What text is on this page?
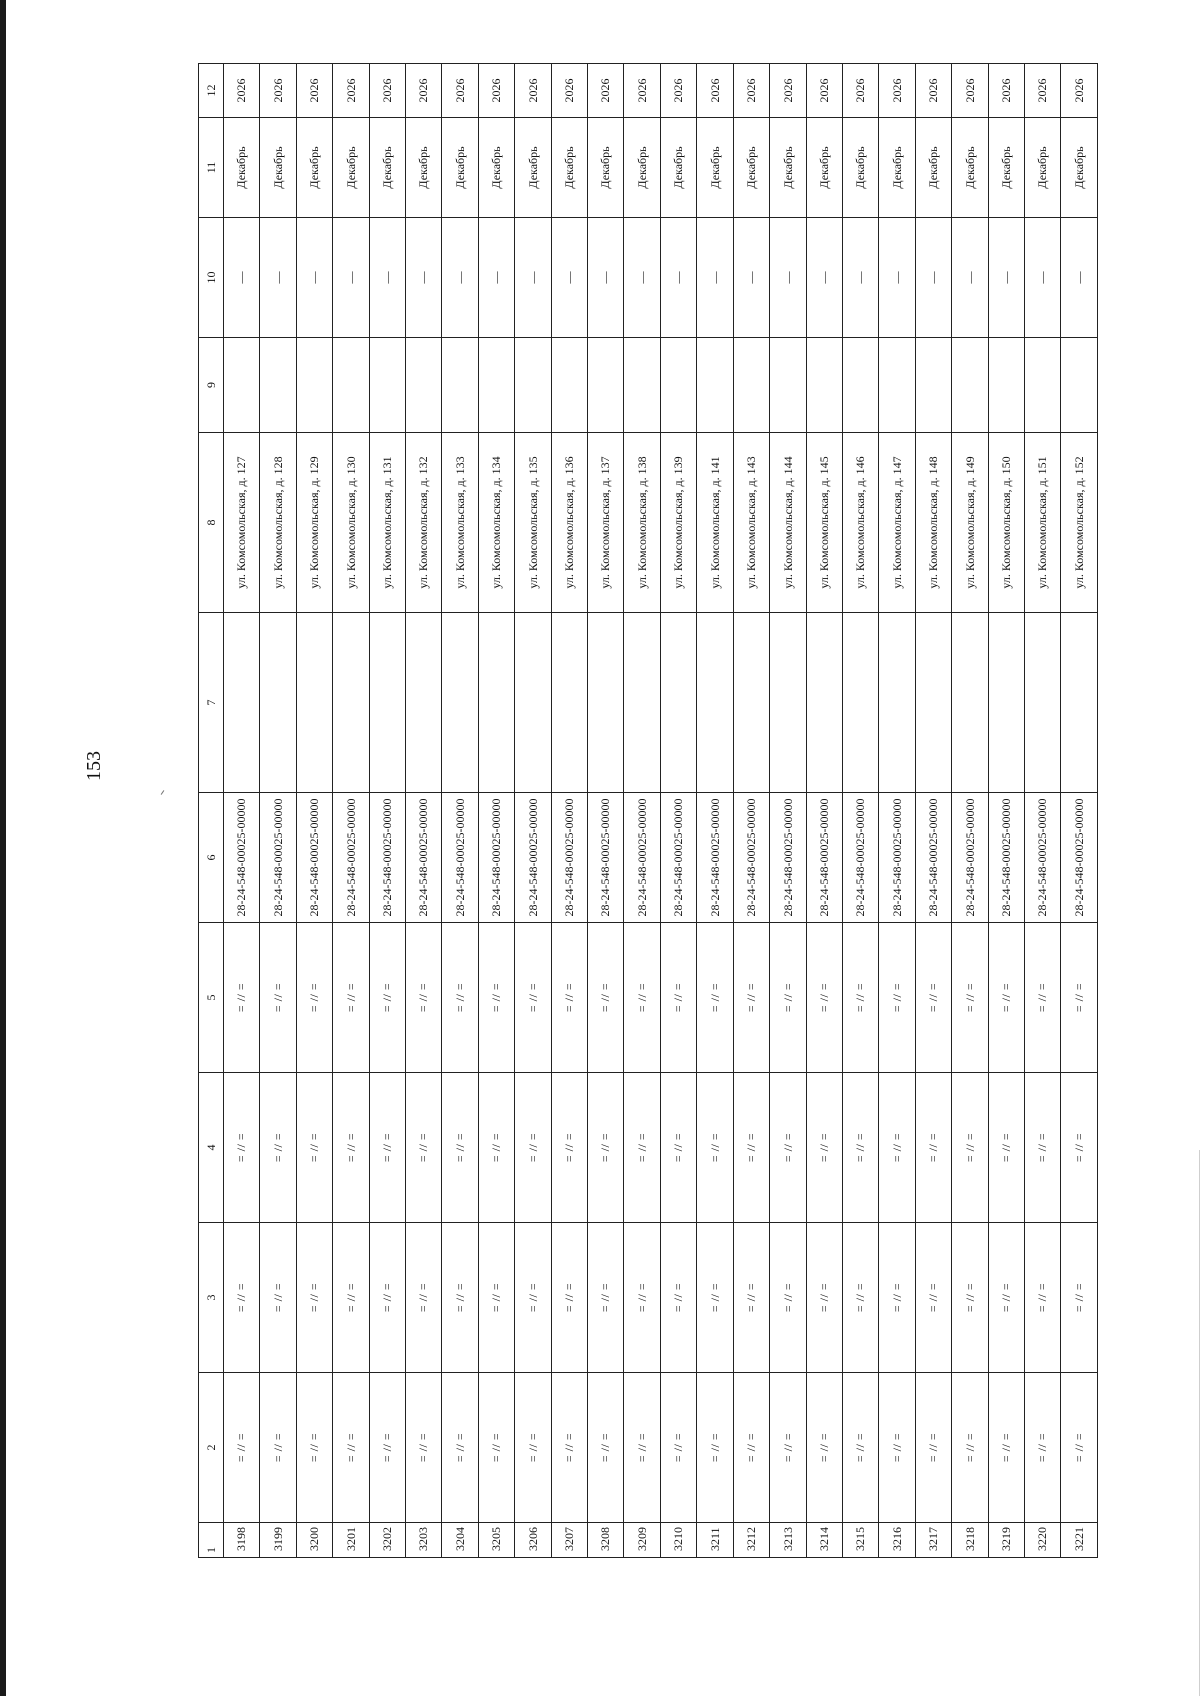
153
1	2	3	4	5	6	7	8	9	10	11	12
3198	= // =	= // =	= // =	= // =	28-24-548-00025-00000		ул. Комсомольская, д. 127		—	Декабрь	2026
3199	= // =	= // =	= // =	= // =	28-24-548-00025-00000		ул. Комсомольская, д. 128		—	Декабрь	2026
3200	= // =	= // =	= // =	= // =	28-24-548-00025-00000		ул. Комсомольская, д. 129		—	Декабрь	2026
3201	= // =	= // =	= // =	= // =	28-24-548-00025-00000		ул. Комсомольская, д. 130		—	Декабрь	2026
3202	= // =	= // =	= // =	= // =	28-24-548-00025-00000		ул. Комсомольская, д. 131		—	Декабрь	2026
3203	= // =	= // =	= // =	= // =	28-24-548-00025-00000		ул. Комсомольская, д. 132		—	Декабрь	2026
3204	= // =	= // =	= // =	= // =	28-24-548-00025-00000		ул. Комсомольская, д. 133		—	Декабрь	2026
3205	= // =	= // =	= // =	= // =	28-24-548-00025-00000		ул. Комсомольская, д. 134		—	Декабрь	2026
3206	= // =	= // =	= // =	= // =	28-24-548-00025-00000		ул. Комсомольская, д. 135		—	Декабрь	2026
3207	= // =	= // =	= // =	= // =	28-24-548-00025-00000		ул. Комсомольская, д. 136		—	Декабрь	2026
3208	= // =	= // =	= // =	= // =	28-24-548-00025-00000		ул. Комсомольская, д. 137		—	Декабрь	2026
3209	= // =	= // =	= // =	= // =	28-24-548-00025-00000		ул. Комсомольская, д. 138		—	Декабрь	2026
3210	= // =	= // =	= // =	= // =	28-24-548-00025-00000		ул. Комсомольская, д. 139		—	Декабрь	2026
3211	= // =	= // =	= // =	= // =	28-24-548-00025-00000		ул. Комсомольская, д. 141		—	Декабрь	2026
3212	= // =	= // =	= // =	= // =	28-24-548-00025-00000		ул. Комсомольская, д. 143		—	Декабрь	2026
3213	= // =	= // =	= // =	= // =	28-24-548-00025-00000		ул. Комсомольская, д. 144		—	Декабрь	2026
3214	= // =	= // =	= // =	= // =	28-24-548-00025-00000		ул. Комсомольская, д. 145		—	Декабрь	2026
3215	= // =	= // =	= // =	= // =	28-24-548-00025-00000		ул. Комсомольская, д. 146		—	Декабрь	2026
3216	= // =	= // =	= // =	= // =	28-24-548-00025-00000		ул. Комсомольская, д. 147		—	Декабрь	2026
3217	= // =	= // =	= // =	= // =	28-24-548-00025-00000		ул. Комсомольская, д. 148		—	Декабрь	2026
3218	= // =	= // =	= // =	= // =	28-24-548-00025-00000		ул. Комсомольская, д. 149		—	Декабрь	2026
3219	= // =	= // =	= // =	= // =	28-24-548-00025-00000		ул. Комсомольская, д. 150		—	Декабрь	2026
3220	= // =	= // =	= // =	= // =	28-24-548-00025-00000		ул. Комсомольская, д. 151		—	Декабрь	2026
3221	= // =	= // =	= // =	= // =	28-24-548-00025-00000		ул. Комсомольская, д. 152		—	Декабрь	2026
